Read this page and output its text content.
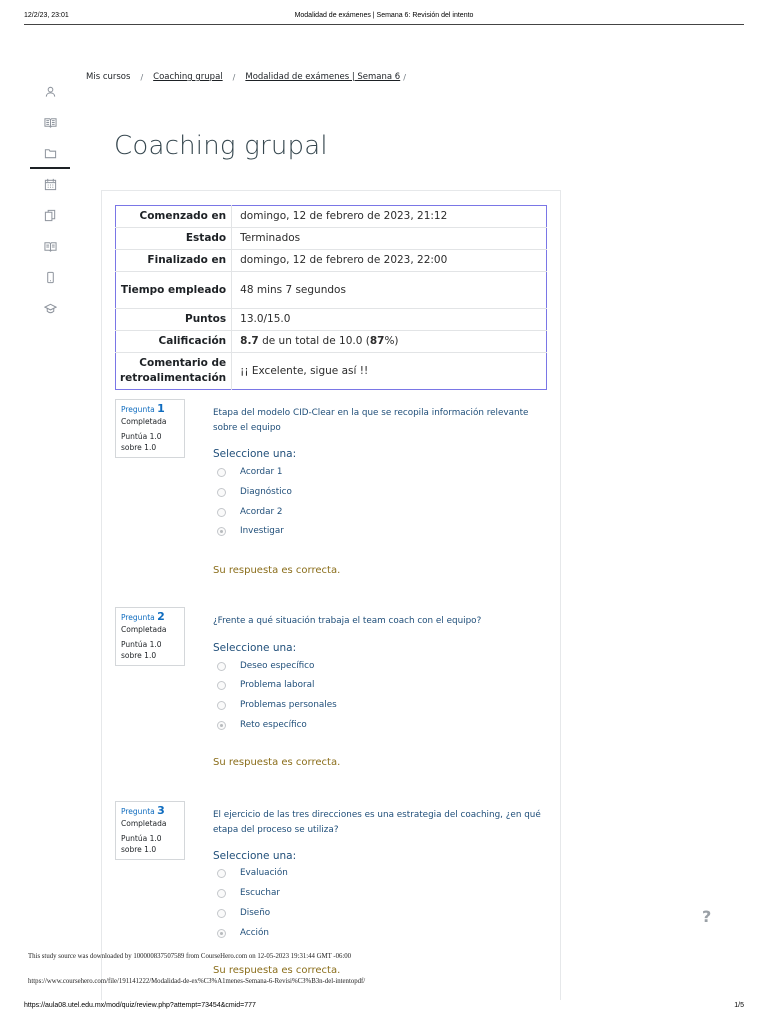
12/2/23, 23:01	Modalidad de exámenes | Semana 6: Revisión del intento
Mis cursos / Coaching grupal / Modalidad de exámenes | Semana 6 /
Coaching grupal
Comenzado en	domingo, 12 de febrero de 2023, 21:12
Estado	Terminados
Finalizado en	domingo, 12 de febrero de 2023, 22:00
Tiempo empleado	48 mins 7 segundos
Puntos	13.0/15.0
Calificación	8.7 de un total de 10.0 (87%)
Comentario de retroalimentación	¡¡ Excelente, sigue así !!
Pregunta 1
Completada
Puntúa 1.0 sobre 1.0
Etapa del modelo CID-Clear en la que se recopila información relevante sobre el equipo
Seleccione una:
Acordar 1
Diagnóstico
Acordar 2
Investigar
Su respuesta es correcta.
Pregunta 2
Completada
Puntúa 1.0 sobre 1.0
¿Frente a qué situación trabaja el team coach con el equipo?
Seleccione una:
Deseo específico
Problema laboral
Problemas personales
Reto específico
Su respuesta es correcta.
Pregunta 3
Completada
Puntúa 1.0 sobre 1.0
El ejercicio de las tres direcciones es una estrategia del coaching, ¿en qué etapa del proceso se utiliza?
Seleccione una:
Evaluación
Escuchar
Diseño
Acción
Su respuesta es correcta.
?
This study source was downloaded by 100000837507589 from CourseHero.com on 12-05-2023 19:31:44 GMT -06:00
https://www.coursehero.com/file/191141222/Modalidad-de-ex%C3%A1menes-Semana-6-Revisi%C3%B3n-del-intentopdf/
https://aula08.utel.edu.mx/mod/quiz/review.php?attempt=73454&cmid=777	1/5
